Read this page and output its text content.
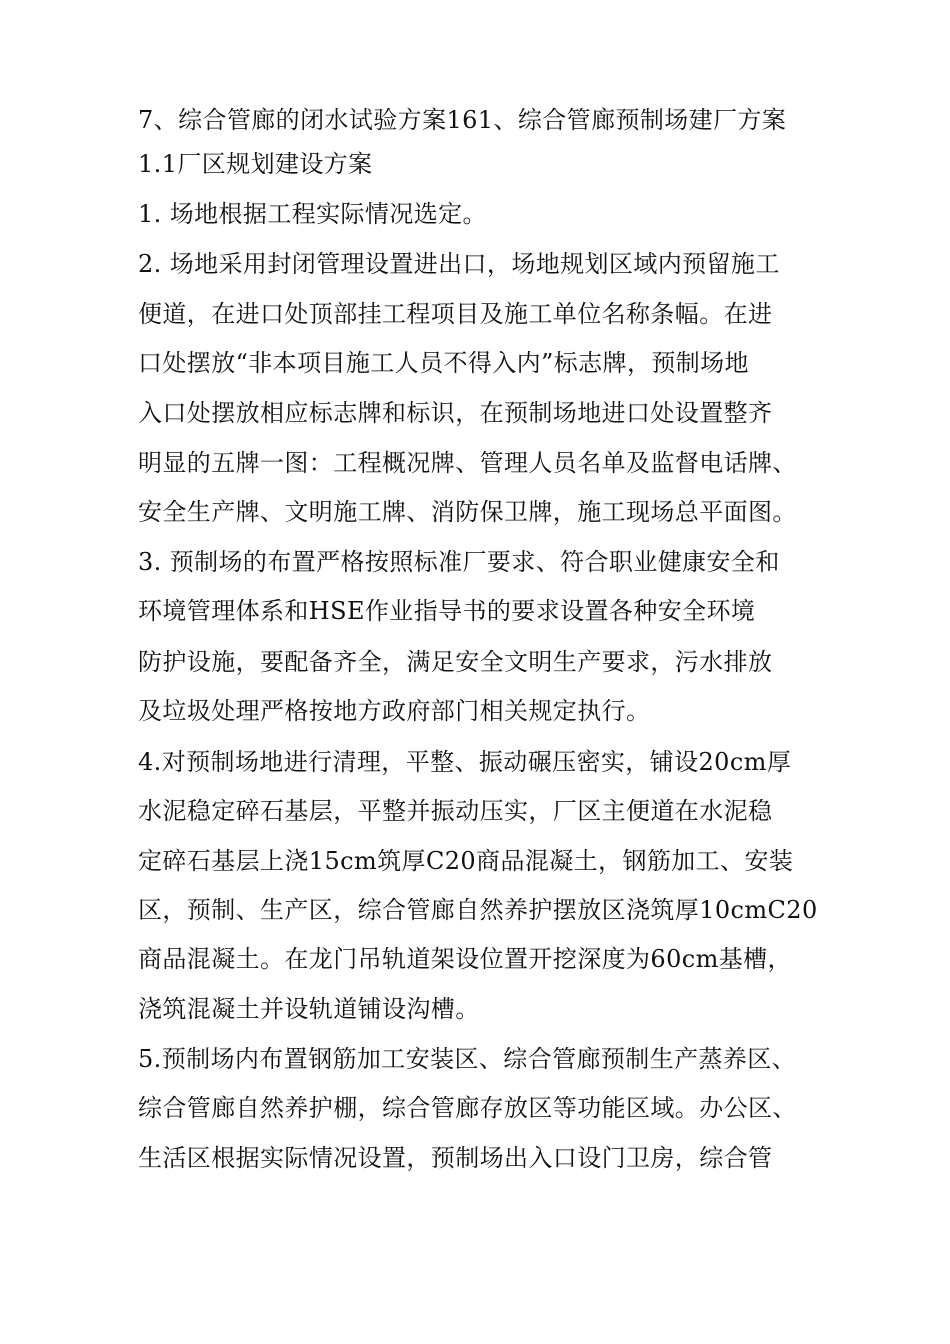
7、综合管廊的闭水试验方案161、综合管廊预制场建厂方案
1.1厂区规划建设方案
1. 场地根据工程实际情况选定。
2. 场地采用封闭管理设置进出口，场地规划区域内预留施工
便道，在进口处顶部挂工程项目及施工单位名称条幅。在进
口处摆放“非本项目施工人员不得入内”标志牌，预制场地
入口处摆放相应标志牌和标识，在预制场地进口处设置整齐
明显的五牌一图：工程概况牌、管理人员名单及监督电话牌、
安全生产牌、文明施工牌、消防保卫牌，施工现场总平面图。
3. 预制场的布置严格按照标准厂要求、符合职业健康安全和
环境管理体系和HSE作业指导书的要求设置各种安全环境
防护设施，要配备齐全，满足安全文明生产要求，污水排放
及垃圾处理严格按地方政府部门相关规定执行。
4.对预制场地进行清理，平整、振动碾压密实，铺设20cm厚
水泥稳定碎石基层，平整并振动压实，厂区主便道在水泥稳
定碎石基层上浇15cm筑厚C20商品混凝土，钢筋加工、安装
区，预制、生产区，综合管廊自然养护摆放区浇筑厚10cmC20
商品混凝土。在龙门吊轨道架设位置开挖深度为60cm基槽，
浇筑混凝土并设轨道铺设沟槽。
5.预制场内布置钢筋加工安装区、综合管廊预制生产蒸养区、
综合管廊自然养护棚，综合管廊存放区等功能区域。办公区、
生活区根据实际情况设置，预制场出入口设门卫房，综合管
